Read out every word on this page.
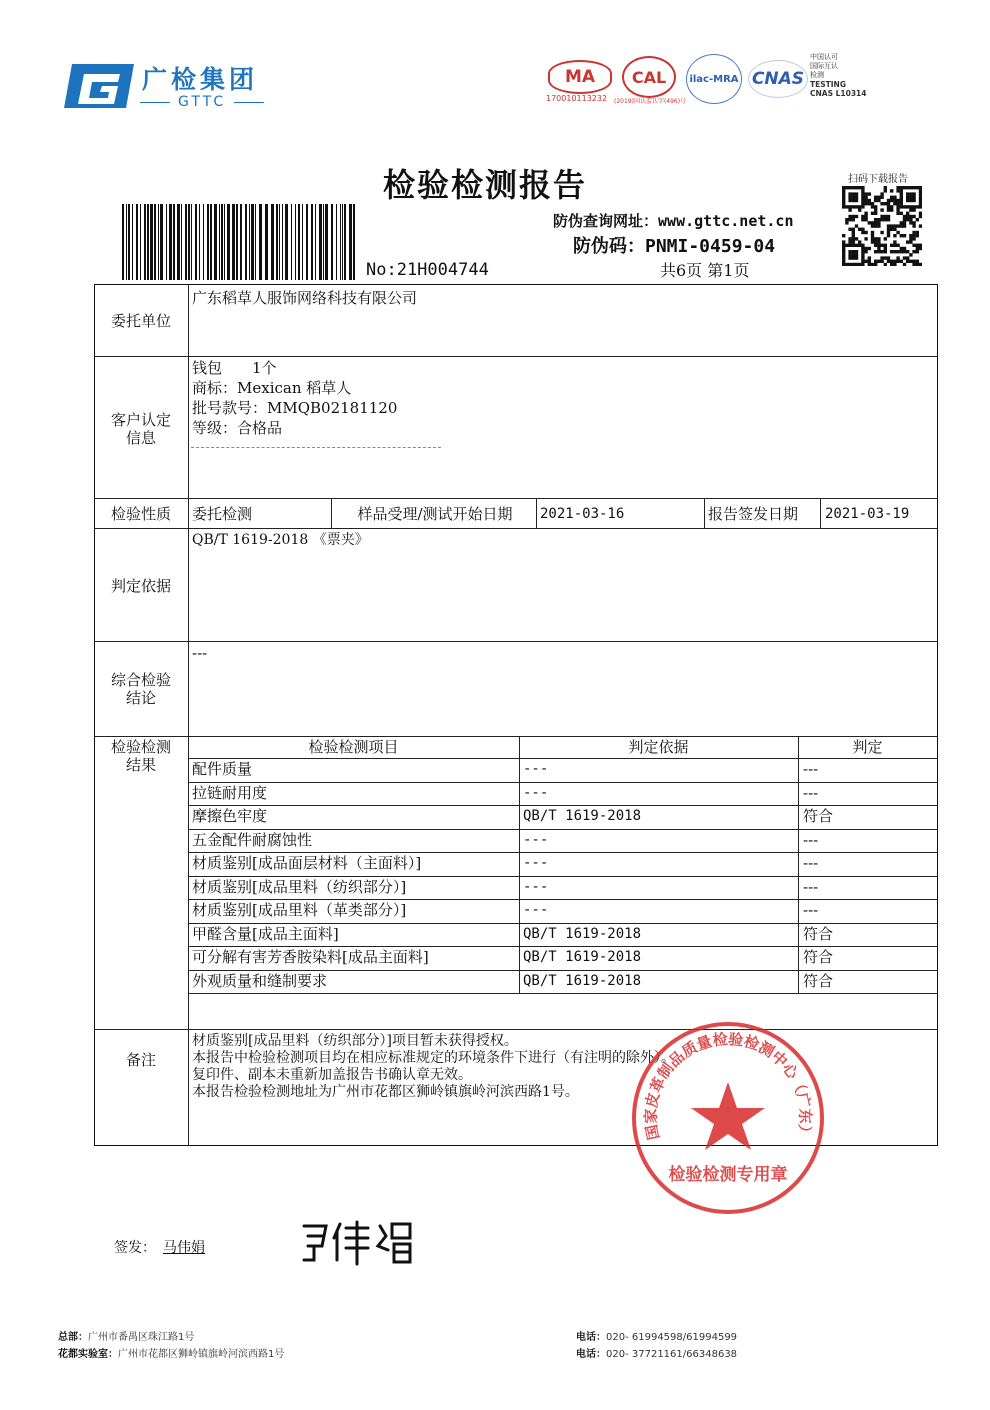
广检集团
GTTC
MA
170010113232
CAL
(2019)国认监认字(496)号
ilac-MRA CNAS
中国认可
国际互认
检测
TESTING
CNAS L10314
检验检测报告	扫码下载报告
防伪查询网址：www.gttc.net.cn
防伪码：PNMI-0459-04
No:21H004744	共6页 第1页
委托单位
广东稻草人服饰网络科技有限公司
客户认定信息
钱包　　1个
商标：Mexican 稻草人
批号款号：MMQB02181120
等级：合格品
检验性质	委托检测	样品受理/测试开始日期	2021-03-16	报告签发日期 2021-03-19
判定依据
QB/T 1619-2018 《票夹》
综合检验结论
---
检验检测结果
检验检测项目	判定依据	判定
配件质量	---	---
拉链耐用度	---	---
摩擦色牢度	QB/T 1619-2018	符合
五金配件耐腐蚀性	---	---
材质鉴别[成品面层材料（主面料）]	---	---
材质鉴别[成品里料（纺织部分）]	---	---
材质鉴别[成品里料（革类部分）]	---	---
甲醛含量[成品主面料]	QB/T 1619-2018	符合
可分解有害芳香胺染料[成品主面料]	QB/T 1619-2018	符合
外观质量和缝制要求	QB/T 1619-2018	符合
备注
材质鉴别[成品里料（纺织部分）]项目暂未获得授权。
本报告中检验检测项目均在相应标准规定的环境条件下进行（有注明的除外）。
复印件、副本未重新加盖报告书确认章无效。
本报告检验检测地址为广州市花都区狮岭镇旗岭河滨西路1号。
国家皮革制品质量检验检测中心（广东）
检验检测专用章
签发： 马伟娟
总部：广州市番禺区珠江路1号
花都实验室：广州市花都区狮岭镇旗岭河滨西路1号
电话：020- 61994598/61994599
电话：020- 37721161/66348638
